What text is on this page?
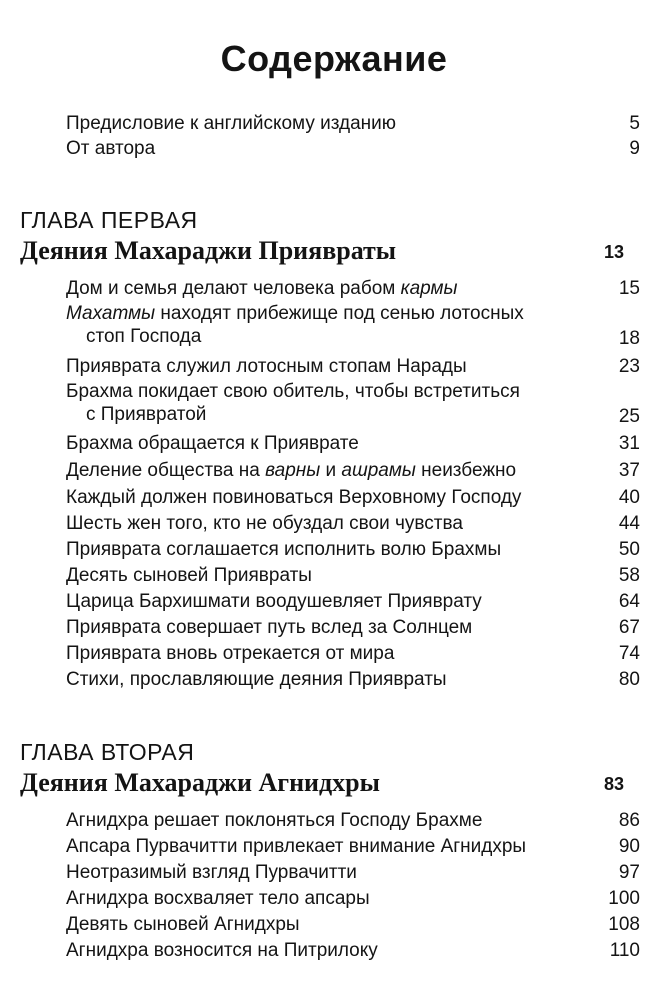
Содержание
Предисловие к английскому изданию	5
От автора	9
ГЛАВА ПЕРВАЯ
Деяния Махараджи Приявраты	13
Дом и семья делают человека рабом кармы	15
Махатмы находят прибежище под сенью лотосных
стоп Господа	18
Прияврата служил лотосным стопам Нарады	23
Брахма покидает свою обитель, чтобы встретиться
с Приявратой	25
Брахма обращается к Прияврате	31
Деление общества на варны и ашрамы неизбежно	37
Каждый должен повиноваться Верховному Господу	40
Шесть жен того, кто не обуздал свои чувства	44
Прияврата соглашается исполнить волю Брахмы	50
Десять сыновей Приявраты	58
Царица Бархишмати воодушевляет Прияврату	64
Прияврата совершает путь вслед за Солнцем	67
Прияврата вновь отрекается от мира	74
Стихи, прославляющие деяния Приявраты	80
ГЛАВА ВТОРАЯ
Деяния Махараджи Агнидхры	83
Агнидхра решает поклоняться Господу Брахме	86
Апсара Пурвачитти привлекает внимание Агнидхры	90
Неотразимый взгляд Пурвачитти	97
Агнидхра восхваляет тело апсары	100
Девять сыновей Агнидхры	108
Агнидхра возносится на Питрилоку	110
